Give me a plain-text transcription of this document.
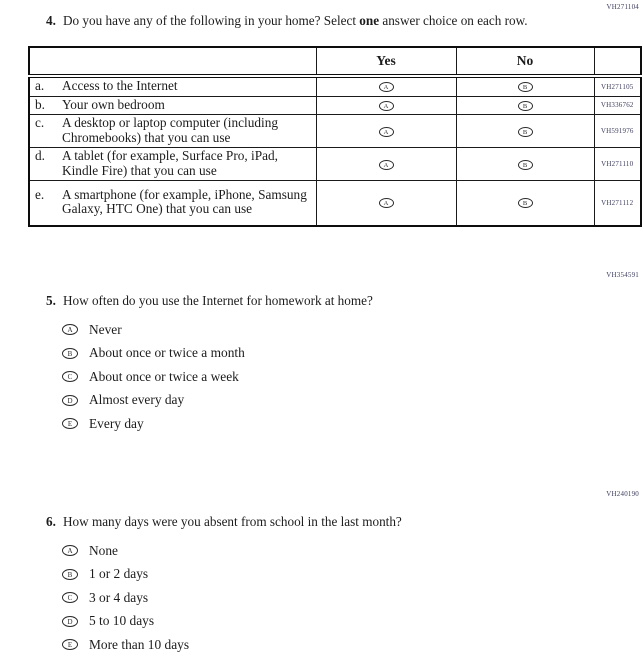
VH271104
4. Do you have any of the following in your home? Select one answer choice on each row.
	Yes	No	

a. Access to the Internet	A	B	VH271105

b. Your own bedroom	A	B	VH336762

c. A desktop or laptop computer (including Chromebooks) that you can use	A	B	VH591976

d. A tablet (for example, Surface Pro, iPad, Kindle Fire) that you can use	A	B	VH271110

e. A smartphone (for example, iPhone, Samsung Galaxy, HTC One) that you can use	A	B	VH271112
VH354591
5. How often do you use the Internet for homework at home?
A	Never
B	About once or twice a month
C	About once or twice a week
D	Almost every day
E	Every day
VH240190
6. How many days were you absent from school in the last month?
A	None
B	1 or 2 days
C	3 or 4 days
D	5 to 10 days
E	More than 10 days
